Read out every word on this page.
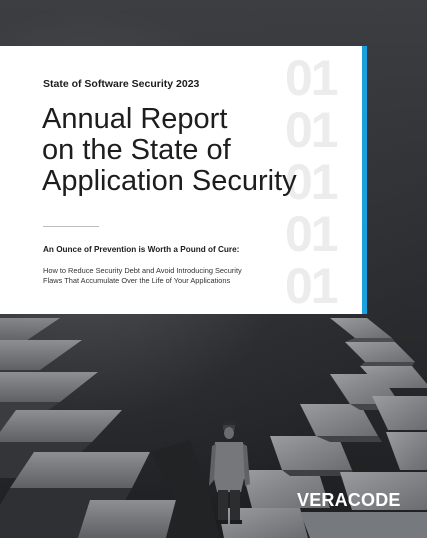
01
01
01
01
01
State of Software Security 2023
Annual Report
on the State of
Application Security
An Ounce of Prevention is Worth a Pound of Cure:
How to Reduce Security Debt and Avoid Introducing Security
Flaws That Accumulate Over the Life of Your Applications
VERACODE
